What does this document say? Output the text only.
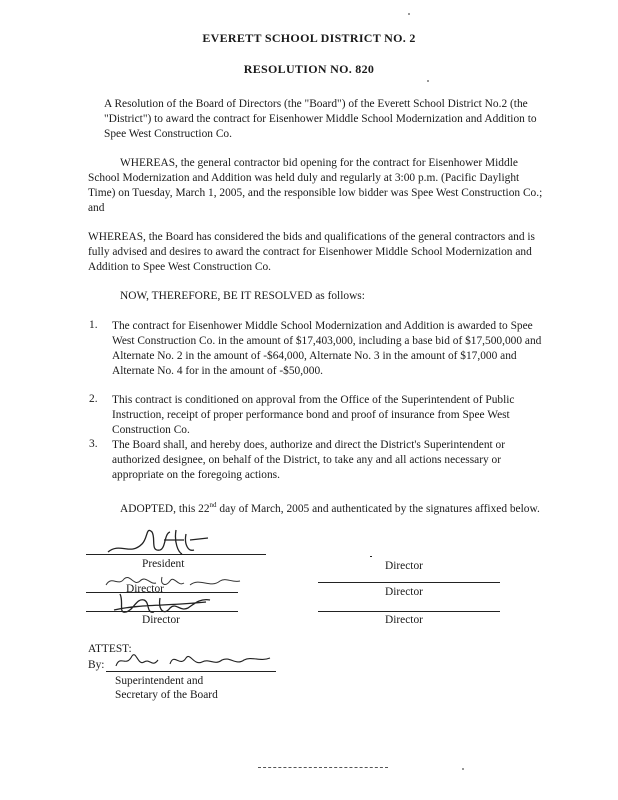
EVERETT SCHOOL DISTRICT NO. 2
RESOLUTION NO. 820
A Resolution of the Board of Directors (the "Board") of the Everett School District No.2 (the "District") to award the contract for Eisenhower Middle School Modernization and Addition to Spee West Construction Co.
WHEREAS, the general contractor bid opening for the contract for Eisenhower Middle School Modernization and Addition was held duly and regularly at 3:00 p.m. (Pacific Daylight Time) on Tuesday, March 1, 2005, and the responsible low bidder was Spee West Construction Co.; and
WHEREAS, the Board has considered the bids and qualifications of the general contractors and is fully advised and desires to award the contract for Eisenhower Middle School Modernization and Addition to Spee West Construction Co.
NOW, THEREFORE, BE IT RESOLVED as follows:
1. The contract for Eisenhower Middle School Modernization and Addition is awarded to Spee West Construction Co. in the amount of $17,403,000, including a base bid of $17,500,000 and Alternate No. 2 in the amount of -$64,000, Alternate No. 3 in the amount of $17,000 and Alternate No. 4 for in the amount of -$50,000.
2. This contract is conditioned on approval from the Office of the Superintendent of Public Instruction, receipt of proper performance bond and proof of insurance from Spee West Construction Co.
3. The Board shall, and hereby does, authorize and direct the District's Superintendent or authorized designee, on behalf of the District, to take any and all actions necessary or appropriate on the foregoing actions.
ADOPTED, this 22nd day of March, 2005 and authenticated by the signatures affixed below.
President
Director
Director
Director
Director
Director
ATTEST:
By:
Superintendent and
Secretary of the Board
